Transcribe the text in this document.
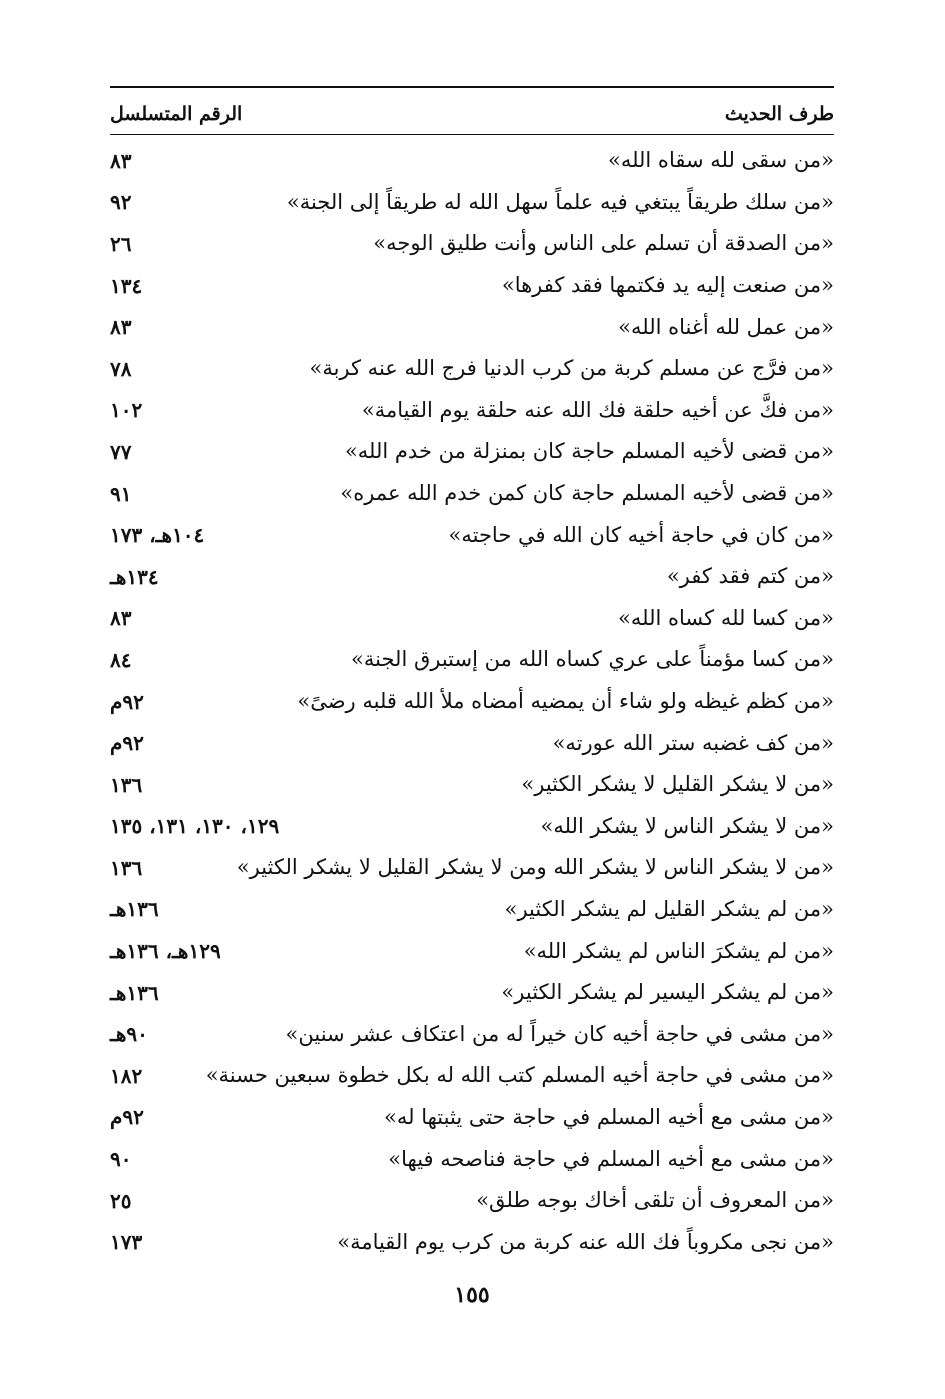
طرف الحديث
الرقم المتسلسل
«من سقى لله سقاه الله»
٨٣
«من سلك طريقاً يبتغي فيه علماً سهل الله له طريقاً إلى الجنة»
٩٢
«من الصدقة أن تسلم على الناس وأنت طليق الوجه»
٢٦
«من صنعت إليه يد فكتمها فقد كفرها»
١٣٤
«من عمل لله أغناه الله»
٨٣
«من فرَّج عن مسلم كربة من كرب الدنيا فرج الله عنه كربة»
٧٨
«من فكَّ عن أخيه حلقة فك الله عنه حلقة يوم القيامة»
١٠٢
«من قضى لأخيه المسلم حاجة كان بمنزلة من خدم الله»
٧٧
«من قضى لأخيه المسلم حاجة كان كمن خدم الله عمره»
٩١
«من كان في حاجة أخيه كان الله في حاجته»
١٠٤هـ، ١٧٣
«من كتم فقد كفر»
١٣٤هـ
«من كسا لله كساه الله»
٨٣
«من كسا مؤمناً على عري كساه الله من إستبرق الجنة»
٨٤
«من كظم غيظه ولو شاء أن يمضيه أمضاه ملأ الله قلبه رضىً»
٩٢م
«من كف غضبه ستر الله عورته»
٩٢م
«من لا يشكر القليل لا يشكر الكثير»
١٣٦
«من لا يشكر الناس لا يشكر الله»
١٢٩، ١٣٠، ١٣١، ١٣٥
«من لا يشكر الناس لا يشكر الله ومن لا يشكر القليل لا يشكر الكثير»
١٣٦
«من لم يشكر القليل لم يشكر الكثير»
١٣٦هـ
«من لم يشكرَ الناس لم يشكر الله»
١٢٩هـ، ١٣٦هـ
«من لم يشكر اليسير لم يشكر الكثير»
١٣٦هـ
«من مشى في حاجة أخيه كان خيراً له من اعتكاف عشر سنين»
٩٠هـ
«من مشى في حاجة أخيه المسلم كتب الله له بكل خطوة سبعين حسنة»
١٨٢
«من مشى مع أخيه المسلم في حاجة حتى يثبتها له»
٩٢م
«من مشى مع أخيه المسلم في حاجة فناصحه فيها»
٩٠
«من المعروف أن تلقى أخاك بوجه طلق»
٢٥
«من نجى مكروباً فك الله عنه كربة من كرب يوم القيامة»
١٧٣
١٥٥
